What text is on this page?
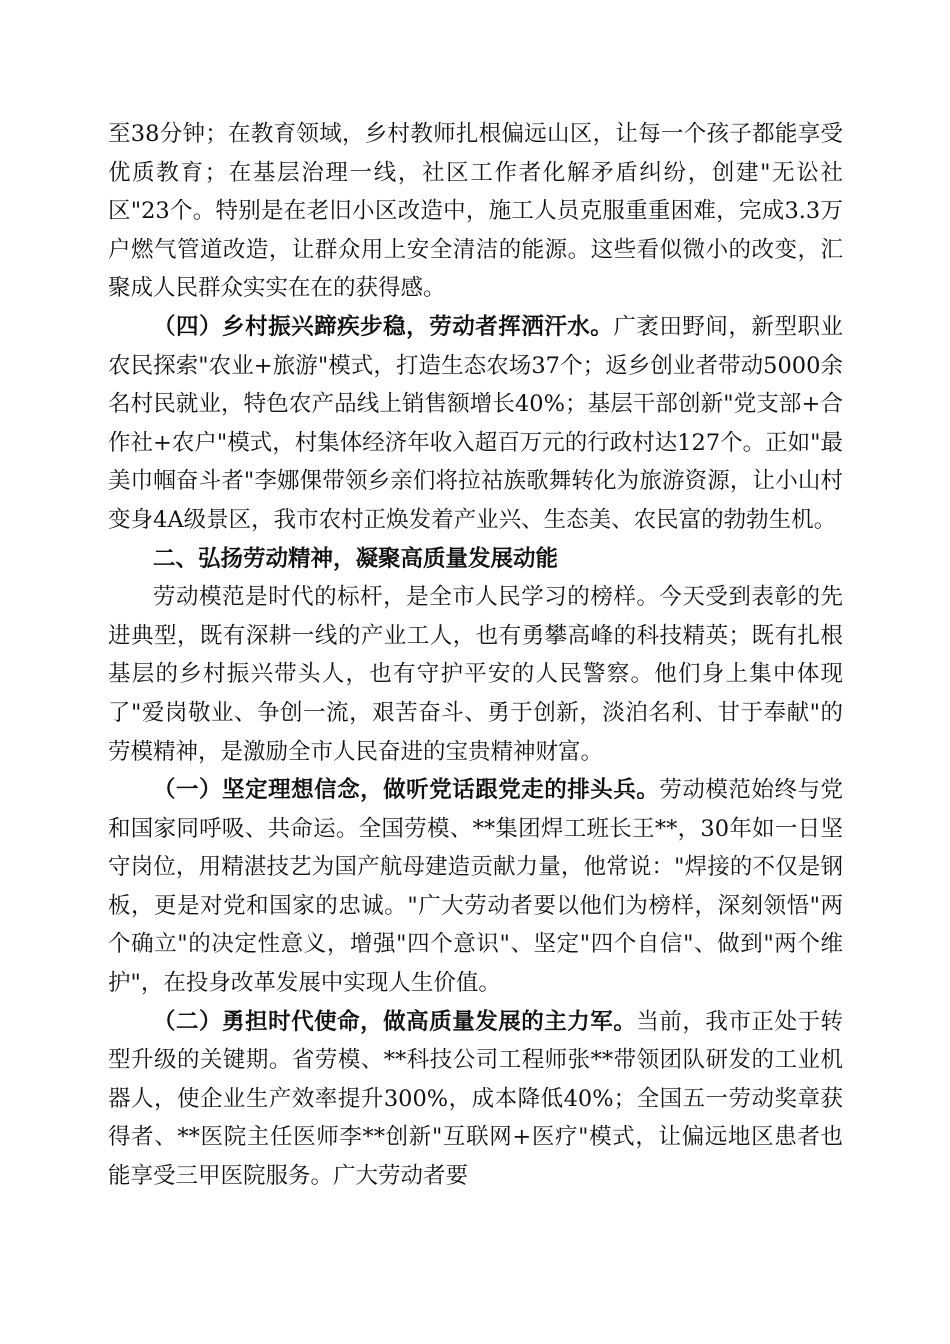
至38分钟；在教育领域，乡村教师扎根偏远山区，让每一个孩子都能享受优质教育；在基层治理一线，社区工作者化解矛盾纠纷，创建"无讼社区"23个。特别是在老旧小区改造中，施工人员克服重重困难，完成3.3万户燃气管道改造，让群众用上安全清洁的能源。这些看似微小的改变，汇聚成人民群众实实在在的获得感。

（四）乡村振兴蹄疾步稳，劳动者挥洒汗水。广袤田野间，新型职业农民探索"农业+旅游"模式，打造生态农场37个；返乡创业者带动5000余名村民就业，特色农产品线上销售额增长40%；基层干部创新"党支部+合作社+农户"模式，村集体经济年收入超百万元的行政村达127个。正如"最美巾帼奋斗者"李娜倮带领乡亲们将拉祜族歌舞转化为旅游资源，让小山村变身4A级景区，我市农村正焕发着产业兴、生态美、农民富的勃勃生机。

二、弘扬劳动精神，凝聚高质量发展动能

劳动模范是时代的标杆，是全市人民学习的榜样。今天受到表彰的先进典型，既有深耕一线的产业工人，也有勇攀高峰的科技精英；既有扎根基层的乡村振兴带头人，也有守护平安的人民警察。他们身上集中体现了"爱岗敬业、争创一流，艰苦奋斗、勇于创新，淡泊名利、甘于奉献"的劳模精神，是激励全市人民奋进的宝贵精神财富。

（一）坚定理想信念，做听党话跟党走的排头兵。劳动模范始终与党和国家同呼吸、共命运。全国劳模、**集团焊工班长王**，30年如一日坚守岗位，用精湛技艺为国产航母建造贡献力量，他常说："焊接的不仅是钢板，更是对党和国家的忠诚。"广大劳动者要以他们为榜样，深刻领悟"两个确立"的决定性意义，增强"四个意识"、坚定"四个自信"、做到"两个维护"，在投身改革发展中实现人生价值。

（二）勇担时代使命，做高质量发展的主力军。当前，我市正处于转型升级的关键期。省劳模、**科技公司工程师张**带领团队研发的工业机器人，使企业生产效率提升300%，成本降低40%；全国五一劳动奖章获得者、**医院主任医师李**创新"互联网+医疗"模式，让偏远地区患者也能享受三甲医院服务。广大劳动者要
